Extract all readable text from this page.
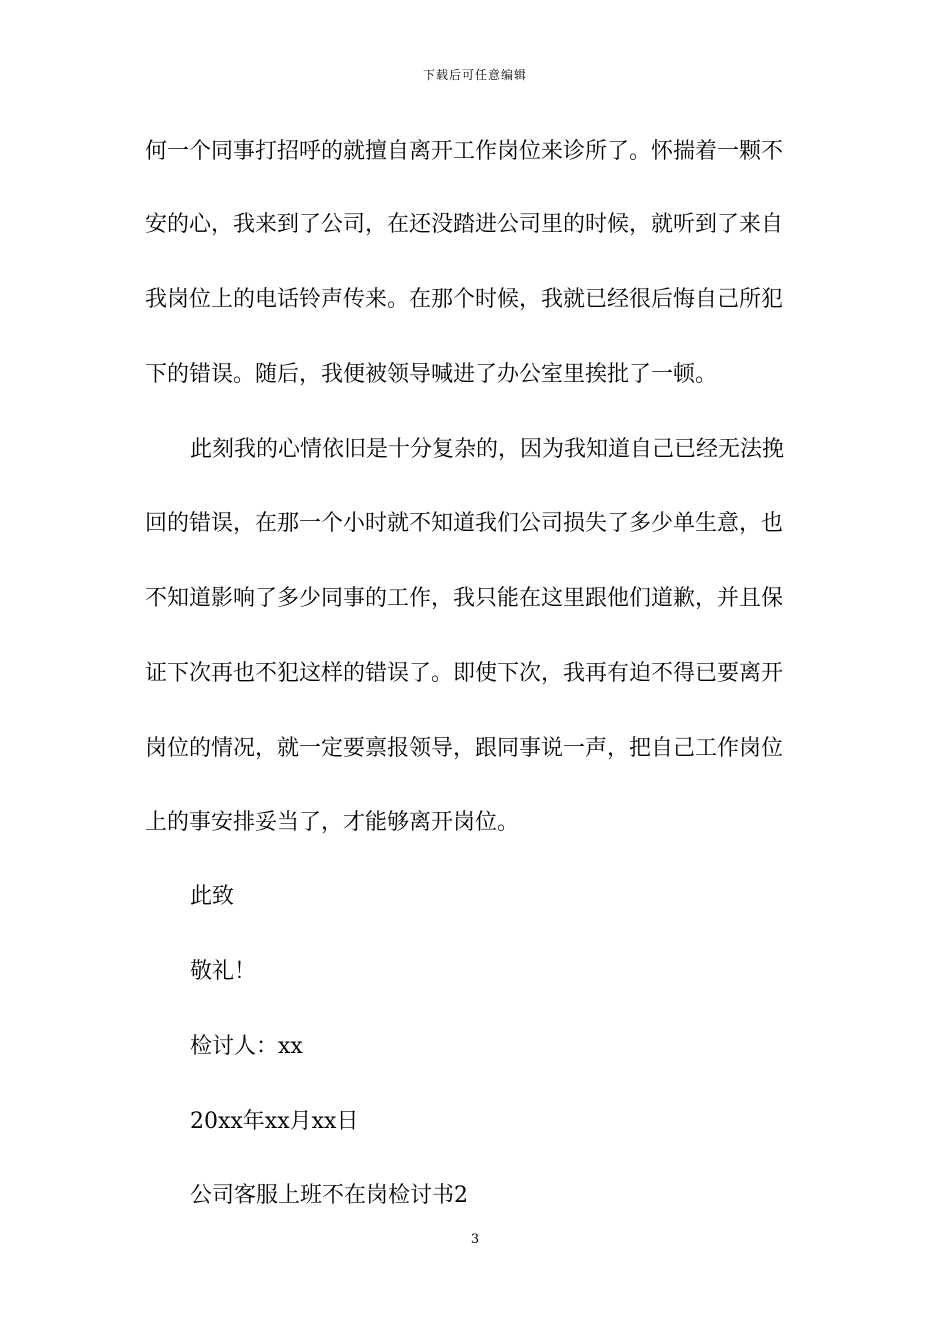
下载后可任意编辑
何一个同事打招呼的就擅自离开工作岗位来诊所了。怀揣着一颗不
安的心，我来到了公司，在还没踏进公司里的时候，就听到了来自
我岗位上的电话铃声传来。在那个时候，我就已经很后悔自己所犯
下的错误。随后，我便被领导喊进了办公室里挨批了一顿。
此刻我的心情依旧是十分复杂的，因为我知道自己已经无法挽
回的错误，在那一个小时就不知道我们公司损失了多少单生意，也
不知道影响了多少同事的工作，我只能在这里跟他们道歉，并且保
证下次再也不犯这样的错误了。即使下次，我再有迫不得已要离开
岗位的情况，就一定要禀报领导，跟同事说一声，把自己工作岗位
上的事安排妥当了，才能够离开岗位。
此致
敬礼！
检讨人：xx
20xx年xx月xx日
公司客服上班不在岗检讨书2
3
